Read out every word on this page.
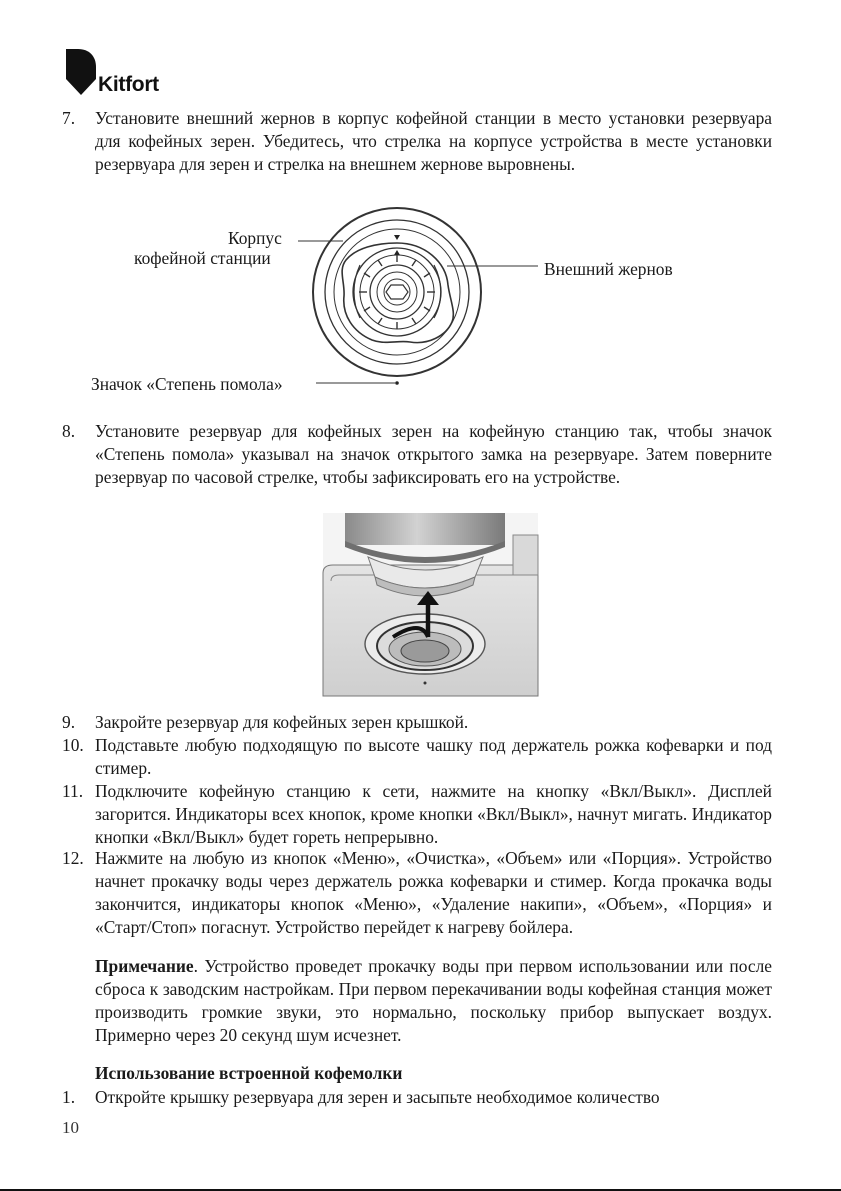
Kitfort
7. Установите внешний жернов в корпус кофейной станции в место установки резервуара для кофейных зерен. Убедитесь, что стрелка на корпусе устройства в месте установки резервуара для зерен и стрелка на внешнем жернове выровнены.
Корпус
кофейной станции
Внешний жернов
Значок «Степень помола»
8. Установите резервуар для кофейных зерен на кофейную станцию так, чтобы значок «Степень помола» указывал на значок открытого замка на резервуаре. Затем поверните резервуар по часовой стрелке, чтобы зафиксировать его на устройстве.
9. Закройте резервуар для кофейных зерен крышкой.
10. Подставьте любую подходящую по высоте чашку под держатель рожка кофеварки и под стимер.
11. Подключите кофейную станцию к сети, нажмите на кнопку «Вкл/Выкл». Дисплей загорится. Индикаторы всех кнопок, кроме кнопки «Вкл/Выкл», начнут мигать. Индикатор кнопки «Вкл/Выкл» будет гореть непрерывно.
12. Нажмите на любую из кнопок «Меню», «Очистка», «Объем» или «Порция». Устройство начнет прокачку воды через держатель рожка кофеварки и стимер. Когда прокачка воды закончится, индикаторы кнопок «Меню», «Удаление накипи», «Объем», «Порция» и «Старт/Стоп» погаснут. Устройство перейдет к нагреву бойлера.
Примечание. Устройство проведет прокачку воды при первом использовании или после сброса к заводским настройкам. При первом перекачивании воды кофейная станция может производить громкие звуки, это нормально, поскольку прибор выпускает воздух. Примерно через 20 секунд шум исчезнет.
Использование встроенной кофемолки
1. Откройте крышку резервуара для зерен и засыпьте необходимое количество
10
